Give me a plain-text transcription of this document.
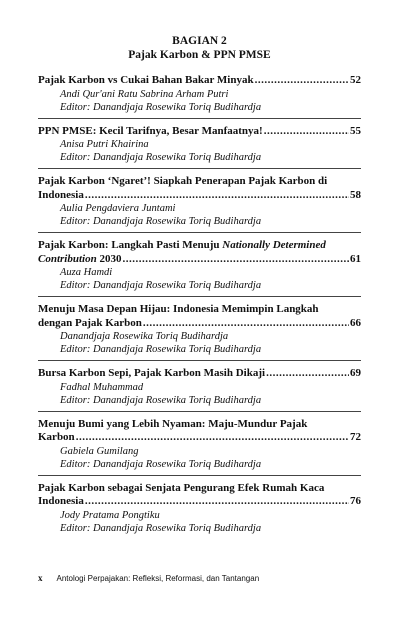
BAGIAN 2
Pajak Karbon & PPN PMSE
Pajak Karbon vs Cukai Bahan Bakar Minyak .....	52
Andi Qur'ani Ratu Sabrina Arham Putri
Editor: Danandjaja Rosewika Toriq Budihardja
PPN PMSE: Kecil Tarifnya, Besar Manfaatnya! .....	55
Anisa Putri Khairina
Editor: Danandjaja Rosewika Toriq Budihardja
Pajak Karbon ‘Ngaret’! Siapkah Penerapan Pajak Karbon di
Indonesia .....	58
Aulia Pengdaviera Juntami
Editor: Danandjaja Rosewika Toriq Budihardja
Pajak Karbon: Langkah Pasti Menuju Nationally Determined
Contribution 2030 .....	61
Auza Hamdi
Editor: Danandjaja Rosewika Toriq Budihardja
Menuju Masa Depan Hijau: Indonesia Memimpin Langkah
dengan Pajak Karbon .....	66
Danandjaja Rosewika Toriq Budihardja
Editor: Danandjaja Rosewika Toriq Budihardja
Bursa Karbon Sepi, Pajak Karbon Masih Dikaji .....	69
Fadhal Muhammad
Editor: Danandjaja Rosewika Toriq Budihardja
Menuju Bumi yang Lebih Nyaman: Maju-Mundur Pajak
Karbon .....	72
Gabiela Gumilang
Editor: Danandjaja Rosewika Toriq Budihardja
Pajak Karbon sebagai Senjata Pengurang Efek Rumah Kaca
Indonesia .....	76
Jody Pratama Pongtiku
Editor: Danandjaja Rosewika Toriq Budihardja
x Antologi Perpajakan: Refleksi, Reformasi, dan Tantangan
